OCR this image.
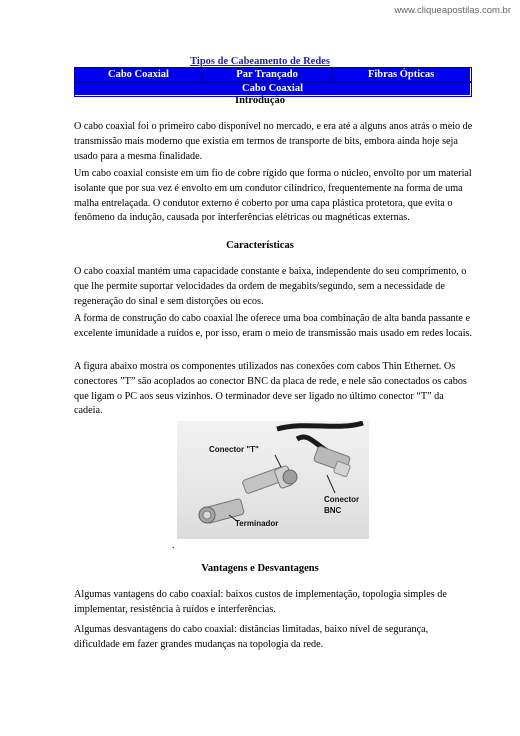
www.cliqueapostilas.com.br
Tipos de Cabeamento de Redes
Cabo Coaxial	Par Trançado	Fibras Ópticas
Cabo Coaxial
Introdução
O cabo coaxial foi o primeiro cabo disponível no mercado, e era até a alguns anos atrás o meio de transmissão mais moderno que existia em termos de transporte de bits, embora ainda hoje seja usado para a mesma finalidade.
Um cabo coaxial consiste em um fio de cobre rígido que forma o núcleo, envolto por um material isolante que por sua vez é envolto em um condutor cilíndrico, frequentemente na forma de uma malha entrelaçada. O condutor externo é coberto por uma capa plástica protetora, que evita o fenômeno da indução, causada por interferências elétricas ou magnéticas externas.
Características
O cabo coaxial mantém uma capacidade constante e baixa, independente do seu comprimento, o que lhe permite suportar velocidades da ordem de megabits/segundo, sem a necessidade de regeneração do sinal e sem distorções ou ecos.
A forma de construção do cabo coaxial lhe oferece uma boa combinação de alta banda passante e excelente imunidade a ruídos e, por isso, eram o meio de transmissão mais usado em redes locais.
A figura abaixo mostra os componentes utilizados nas conexões com cabos Thin Ethernet. Os conectores ”T” são acoplados ao conector BNC da placa de rede, e nele são conectados os cabos que ligam o PC aos seus vizinhos. O terminador deve ser ligado no último conector “T” da cadeia.
Conector "T"
Conector
BNC
Terminador
.
Vantagens e Desvantagens
Algumas vantagens do cabo coaxial: baixos custos de implementação, topologia simples de implementar, resistência à ruídos e interferências.
Algumas desvantagens do cabo coaxial: distâncias limitadas, baixo nível de segurança, dificuldade em fazer grandes mudanças na topologia da rede.
